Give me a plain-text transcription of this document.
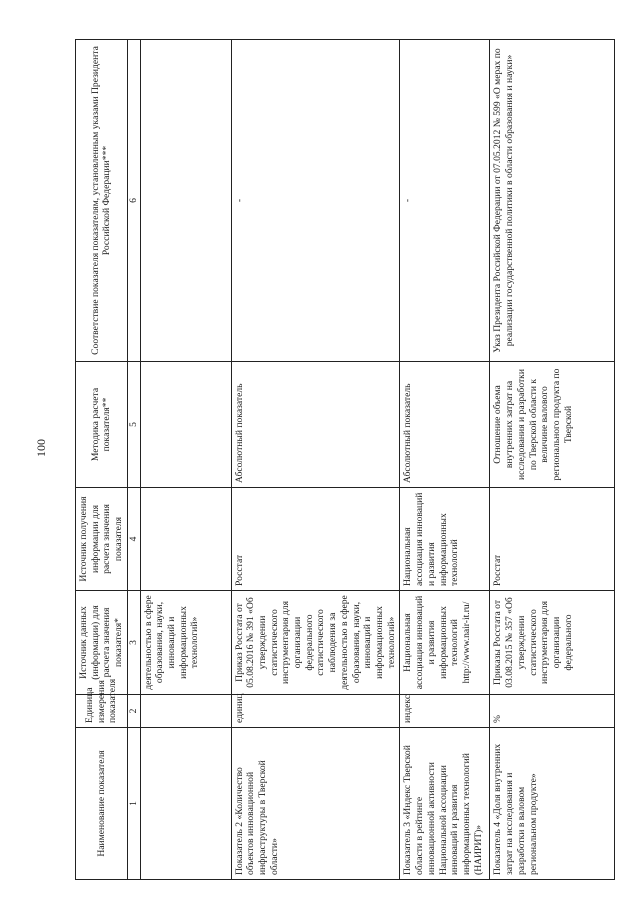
100
Наименование показателя	Единица измерения показателя	Источник данных (информации) для расчета значения показателя*	Источник получения информации для расчета значения показателя	Методика расчета показателя**	Соответствие показателя показателям, установленным указами Президента Российской Федерации***
1	2	3	4	5	6
		деятельностью в сфере образования, науки, инноваций и информационных технологий»			
Показатель 2 «Количество объектов инновационной инфраструктуры в Тверской области»	единиц	Приказ Росстата от 05.08.2016 № 391 «Об утверждении статистического инструментария для организации федерального статистического наблюдения за деятельностью в сфере образования, науки, инноваций и информационных технологий»	Росстат	Абсолютный показатель	-
Показатель 3 «Индекс Тверской области в рейтинге инновационной активности Национальной ассоциации инноваций и развития информационных технологий (НАИРИТ)»	индекс	Национальная ассоциация инноваций и развития информационных технологий http://www.nair-it.ru/	Национальная ассоциация инноваций и развития информационных технологий	Абсолютный показатель	-
Показатель 4 «Доля внутренних затрат на исследования и разработки в валовом региональном продукте»	%	Приказы Росстата от 03.08.2015 № 357 «Об утверждении статистического инструментария для организации федерального	Росстат	Отношение объема внутренних затрат на исследования и разработки по Тверской области к величине валового регионального продукта по Тверской	Указ Президента Российской Федерации от 07.05.2012 № 599 «О мерах по реализации государственной политики в области образования и науки»
